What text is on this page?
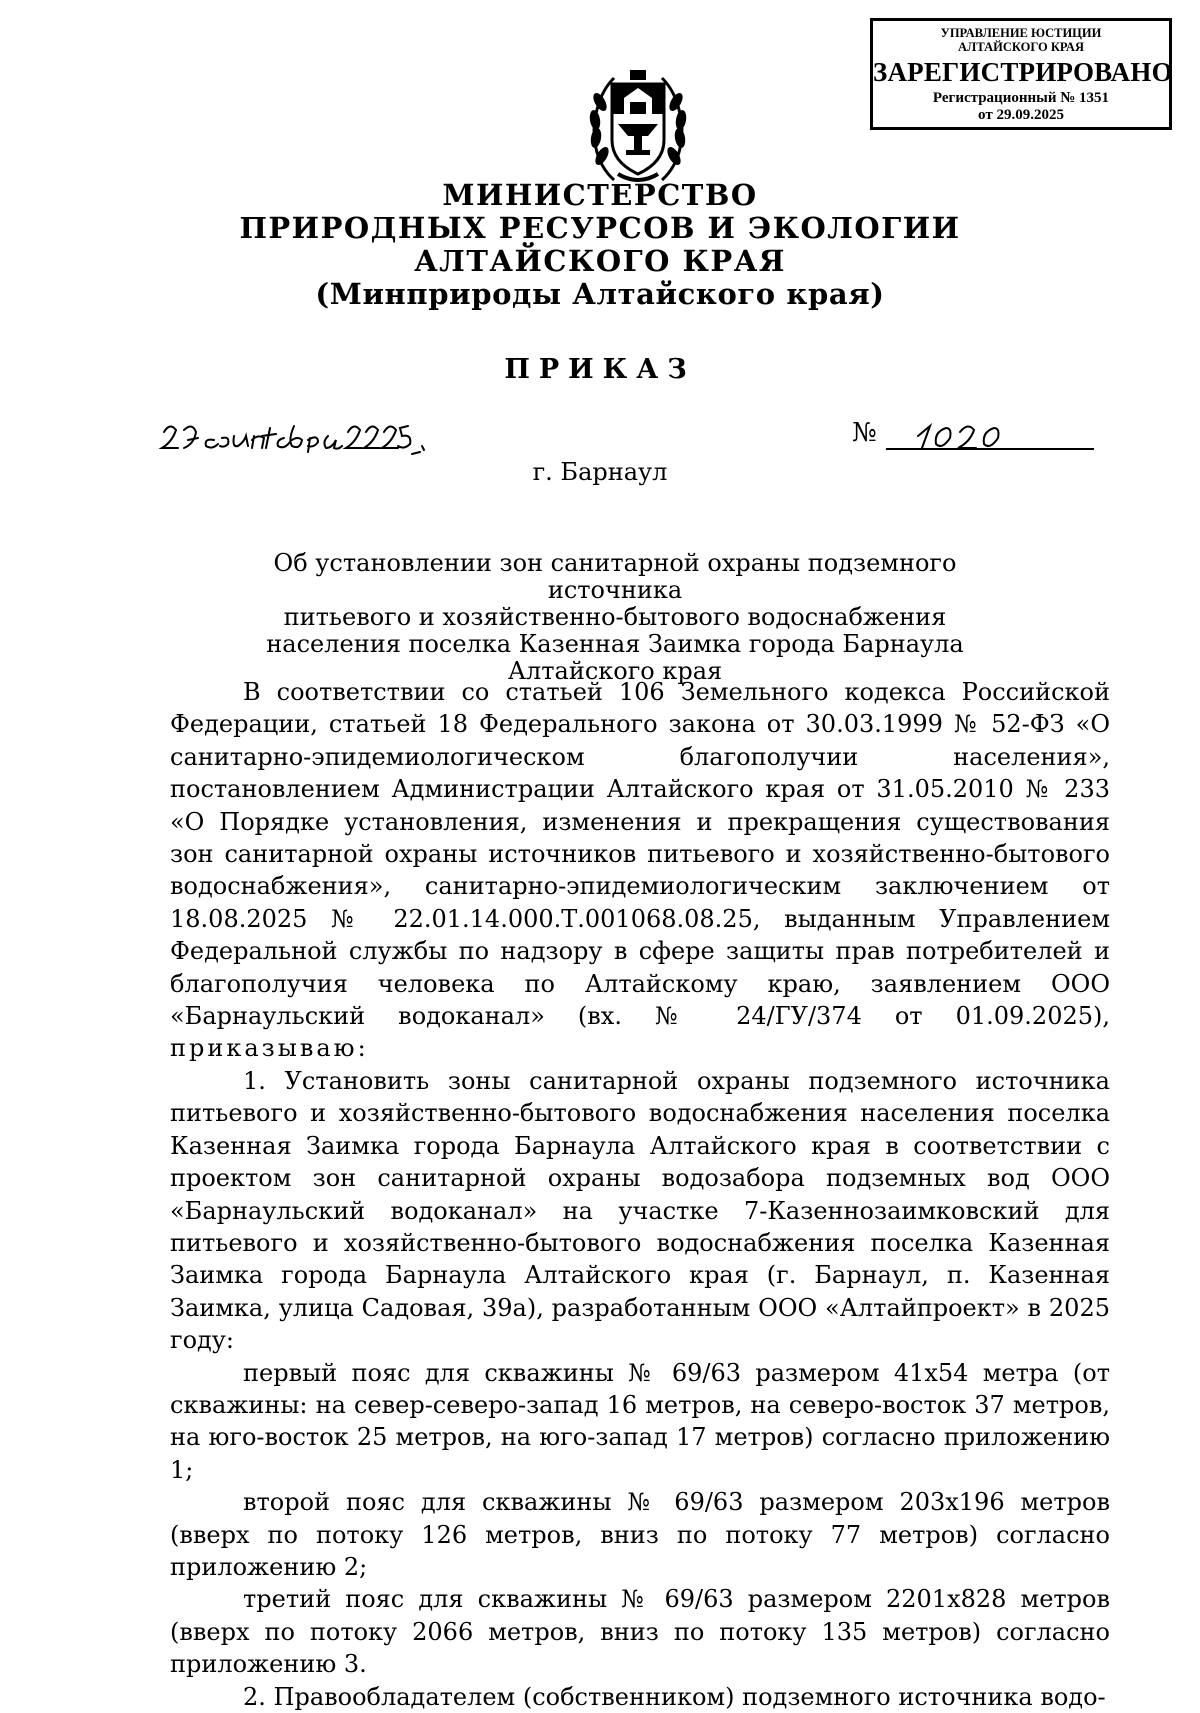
УПРАВЛЕНИЕ ЮСТИЦИИ
АЛТАЙСКОГО КРАЯ
ЗАРЕГИСТРИРОВАНО
Регистрационный № 1351
от 29.09.2025
МИНИСТЕРСТВО
ПРИРОДНЫХ РЕСУРСОВ И ЭКОЛОГИИ
АЛТАЙСКОГО КРАЯ
(Минприроды Алтайского края)
ПРИКАЗ
№
г. Барнаул
Об установлении зон санитарной охраны подземного источника
питьевого и хозяйственно-бытового водоснабжения
населения поселка Казенная Заимка города Барнаула Алтайского края

В соответствии со статьей 106 Земельного кодекса Российской Федерации, статьей 18 Федерального закона от 30.03.1999 № 52-ФЗ «О санитарно-эпидемиологическом благополучии населения», постановлением Администрации Алтайского края от 31.05.2010 № 233 «О Порядке установления, изменения и прекращения существования зон санитарной охраны источников питьевого и хозяйственно-бытового водоснабжения», санитарно-эпидемиологическим заключением от 18.08.2025 № 22.01.14.000.Т.001068.08.25, выданным Управлением Федеральной службы по надзору в сфере защиты прав потребителей и благополучия человека по Алтайскому краю, заявлением ООО «Барнаульский водоканал» (вх. № 24/ГУ/374 от 01.09.2025), приказываю:

1. Установить зоны санитарной охраны подземного источника питьевого и хозяйственно-бытового водоснабжения населения поселка Казенная Заимка города Барнаула Алтайского края в соответствии с проектом зон санитарной охраны водозабора подземных вод ООО «Барнаульский водоканал» на участке 7-Казеннозаимковский для питьевого и хозяйственно-бытового водоснабжения поселка Казенная Заимка города Барнаула Алтайского края (г. Барнаул, п. Казенная Заимка, улица Садовая, 39а), разработанным ООО «Алтайпроект» в 2025 году:

первый пояс для скважины № 69/63 размером 41х54 метра (от скважины: на север-северо-запад 16 метров, на северо-восток 37 метров, на юго-восток 25 метров, на юго-запад 17 метров) согласно приложению 1;

второй пояс для скважины № 69/63 размером 203х196 метров (вверх по потоку 126 метров, вниз по потоку 77 метров) согласно приложению 2;

третий пояс для скважины № 69/63 размером 2201х828 метров (вверх по потоку 2066 метров, вниз по потоку 135 метров) согласно приложению 3.

2. Правообладателем (собственником) подземного источника водо-
